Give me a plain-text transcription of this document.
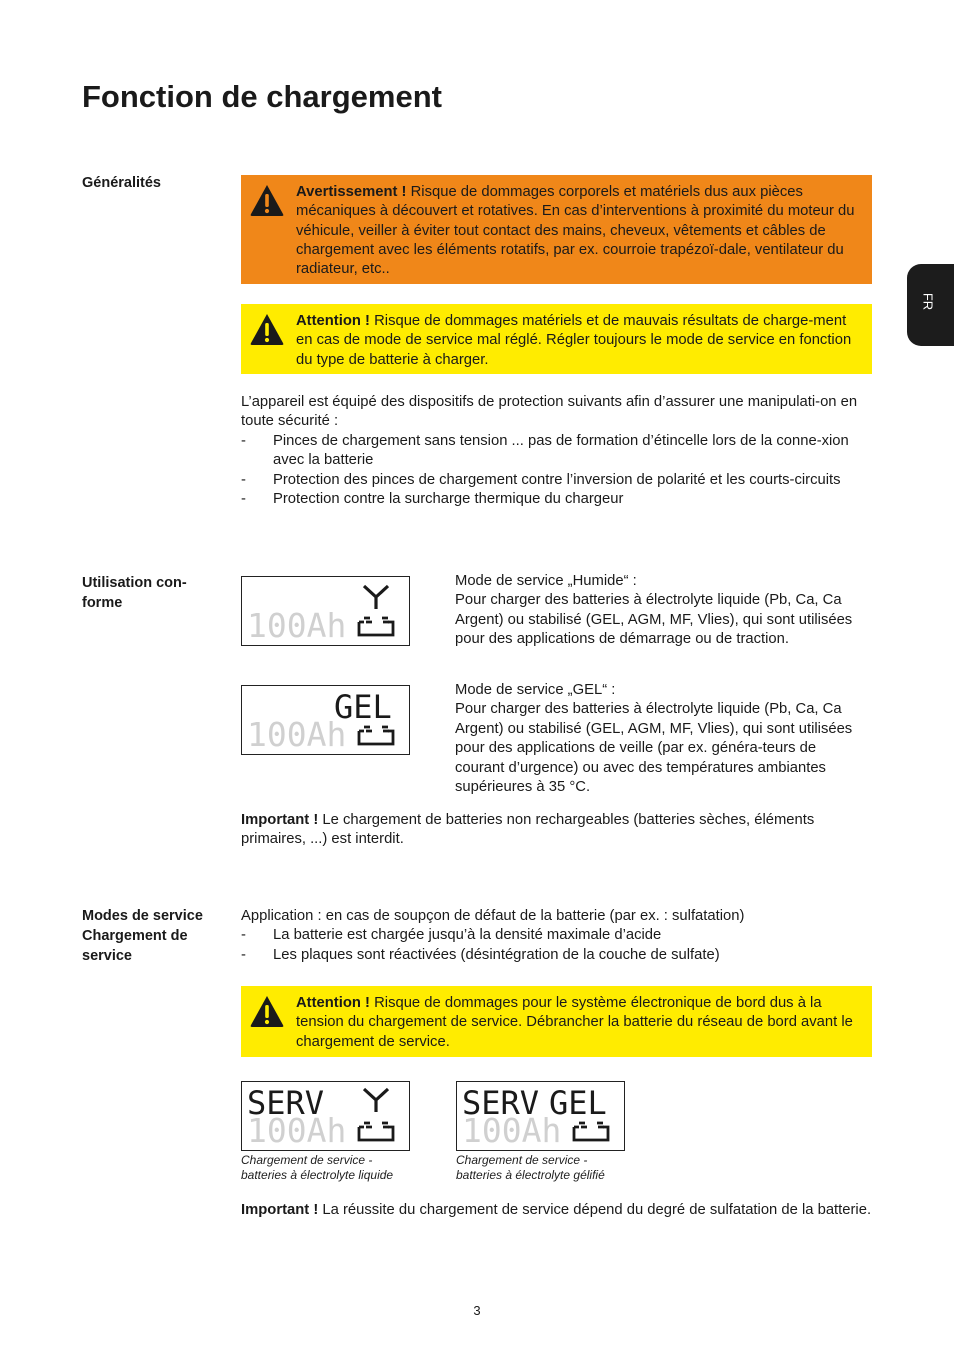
Fonction de chargement
FR
Généralités
Avertissement ! Risque de dommages corporels et matériels dus aux pièces mécaniques à découvert et rotatives. En cas d’interventions à proximité du moteur du véhicule, veiller à éviter tout contact des mains, cheveux, vêtements et câbles de chargement avec les éléments rotatifs, par ex. courroie trapézoï-dale, ventilateur du radiateur, etc..
Attention ! Risque de dommages matériels et de mauvais résultats de charge-ment en cas de mode de service mal réglé. Régler toujours le mode de service en fonction du type de batterie à charger.
L’appareil est équipé des dispositifs de protection suivants afin d’assurer une manipulati-on en toute sécurité :
- Pinces de chargement sans tension ... pas de formation d’étincelle lors de la conne-xion avec la batterie
- Protection des pinces de chargement contre l’inversion de polarité et les courts-circuits
- Protection contre la surcharge thermique du chargeur
Utilisation con-forme
100Ah
Mode de service „Humide“ :
Pour charger des batteries à électrolyte liquide (Pb, Ca, Ca Argent) ou stabilisé (GEL, AGM, MF, Vlies), qui sont utilisées pour des applications de démarrage ou de traction.
GEL
100Ah
Mode de service „GEL“ :
Pour charger des batteries à électrolyte liquide (Pb, Ca, Ca Argent) ou stabilisé (GEL, AGM, MF, Vlies), qui sont utilisées pour des applications de veille (par ex. généra-teurs de courant d’urgence) ou avec des températures ambiantes supérieures à 35 °C.
Important ! Le chargement de batteries non rechargeables (batteries sèches, éléments primaires, ...) est interdit.
Modes de service Chargement de service
Application : en cas de soupçon de défaut de la batterie (par ex. : sulfatation)
- La batterie est chargée jusqu’à la densité maximale d’acide
- Les plaques sont réactivées (désintégration de la couche de sulfate)
Attention ! Risque de dommages pour le système électronique de bord dus à la tension du chargement de service. Débrancher la batterie du réseau de bord avant le chargement de service.
SERV
100Ah
SERV GEL
100Ah
Chargement de service - batteries à électrolyte liquide
Chargement de service - batteries à électrolyte gélifié
Important ! La réussite du chargement de service dépend du degré de sulfatation de la batterie.
3
